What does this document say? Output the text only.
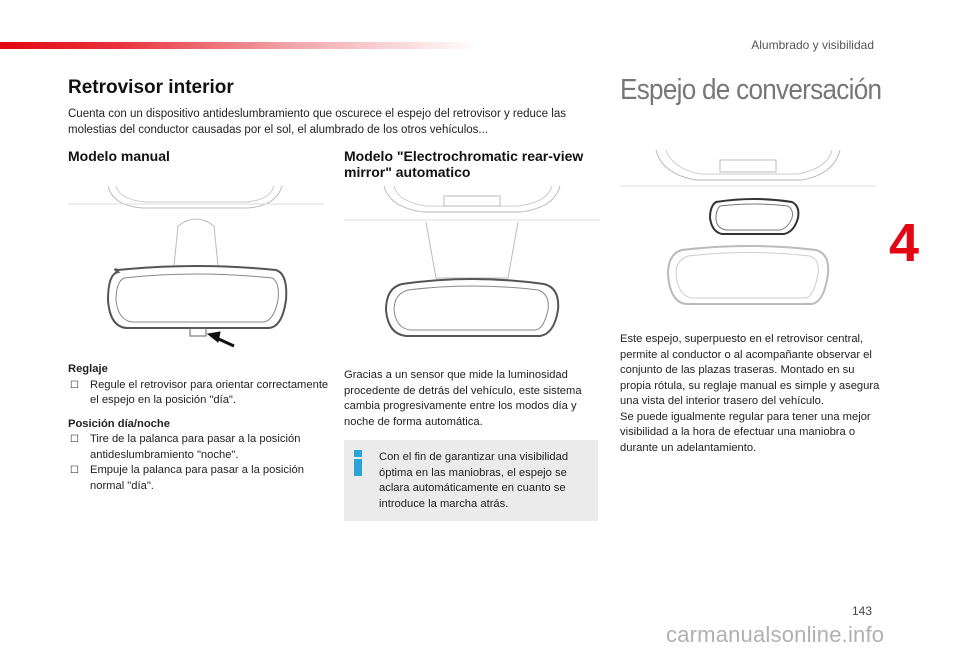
Alumbrado y visibilidad
4
Retrovisor interior

Cuenta con un dispositivo antideslumbramiento que oscurece el espejo del retrovisor y reduce las molestias del conductor causadas por el sol, el alumbrado de los otros vehículos...

Modelo manual	Modelo "Electrochromatic rear-view mirror" automatico
Espejo de conversación
Reglaje
☐ Regule el retrovisor para orientar correctamente el espejo en la posición "día".
Posición día/noche
☐ Tire de la palanca para pasar a la posición antideslumbramiento "noche".
☐ Empuje la palanca para pasar a la posición normal "día".
Gracias a un sensor que mide la luminosidad procedente de detrás del vehículo, este sistema cambia progresivamente entre los modos día y noche de forma automática.
Con el fin de garantizar una visibilidad óptima en las maniobras, el espejo se aclara automáticamente en cuanto se introduce la marcha atrás.
Este espejo, superpuesto en el retrovisor central, permite al conductor o al acompañante observar el conjunto de las plazas traseras. Montado en su propia rótula, su reglaje manual es simple y asegura una vista del interior trasero del vehículo.
Se puede igualmente regular para tener una mejor visibilidad a la hora de efectuar una maniobra o durante un adelantamiento.
143
carmanualsonline.info
